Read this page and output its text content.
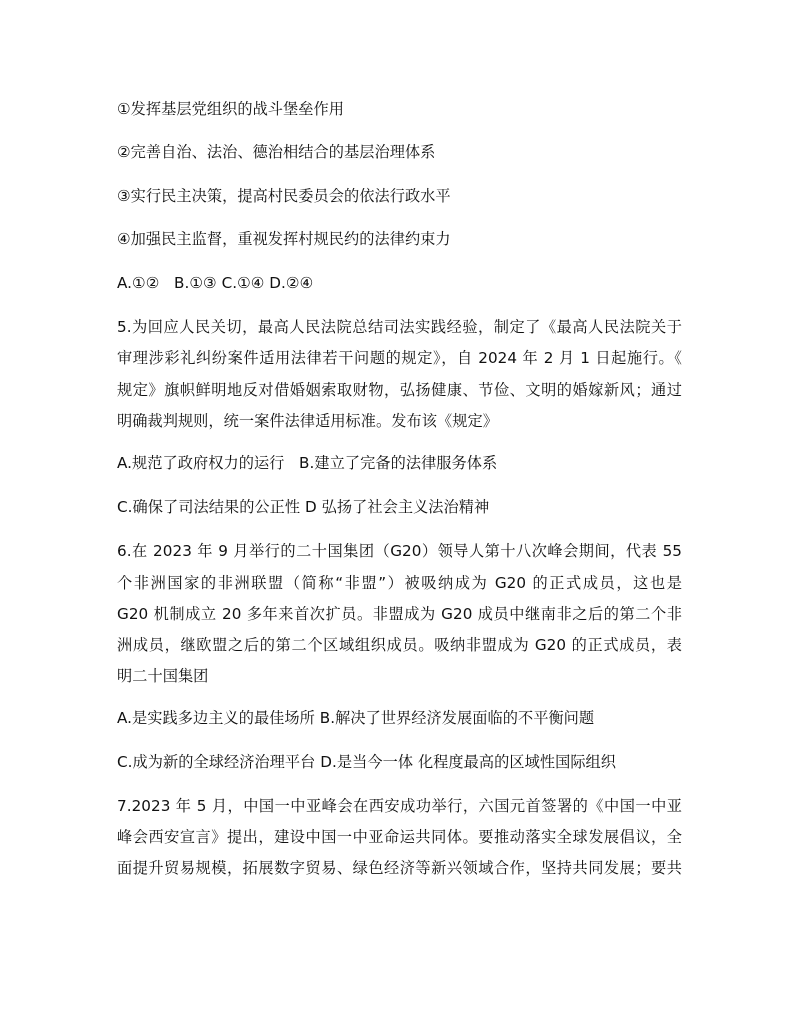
①发挥基层党组织的战斗堡垒作用
②完善自治、法治、德治相结合的基层治理体系
③实行民主决策，提高村民委员会的依法行政水平
④加强民主监督，重视发挥村规民约的法律约束力
A.①②   B.①③ C.①④ D.②④
5.为回应人民关切，最高人民法院总结司法实践经验，制定了《最高人民法院关于
审理涉彩礼纠纷案件适用法律若干问题的规定》，自 2024 年 2 月 1 日起施行。《
规定》旗帜鲜明地反对借婚姻索取财物，弘扬健康、节俭、文明的婚嫁新风；通过
明确裁判规则，统一案件法律适用标准。发布该《规定》
A.规范了政府权力的运行   B.建立了完备的法律服务体系
C.确保了司法结果的公正性 D 弘扬了社会主义法治精神
6.在 2023 年 9 月举行的二十国集团（G20）领导人第十八次峰会期间，代表 55
个非洲国家的非洲联盟（简称“非盟”）被吸纳成为 G20 的正式成员，这也是
G20 机制成立 20 多年来首次扩员。非盟成为 G20 成员中继南非之后的第二个非
洲成员，继欧盟之后的第二个区域组织成员。吸纳非盟成为 G20 的正式成员，表
明二十国集团
A.是实践多边主义的最佳场所 B.解决了世界经济发展面临的不平衡问题
C.成为新的全球经济治理平台 D.是当今一体 化程度最高的区域性国际组织
7.2023 年 5 月，中国一中亚峰会在西安成功举行，六国元首签署的《中国一中亚
峰会西安宣言》提出，建设中国一中亚命运共同体。要推动落实全球发展倡议，全
面提升贸易规模，拓展数字贸易、绿色经济等新兴领域合作，坚持共同发展；要共
